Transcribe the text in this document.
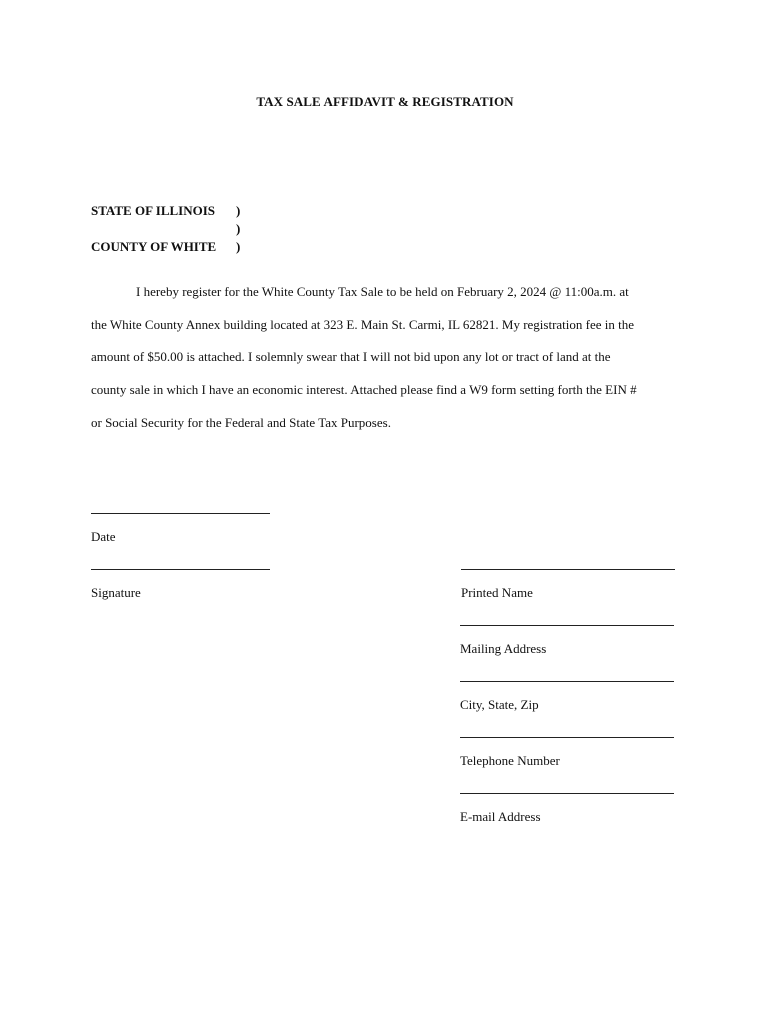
TAX SALE AFFIDAVIT & REGISTRATION
STATE OF ILLINOIS )
)
COUNTY OF WHITE )
I hereby register for the White County Tax Sale to be held on February 2, 2024 @ 11:00a.m. at
the White County Annex building located at 323 E. Main St. Carmi, IL 62821. My registration fee in the
amount of $50.00 is attached. I solemnly swear that I will not bid upon any lot or tract of land at the
county sale in which I have an economic interest. Attached please find a W9 form setting forth the EIN #
or Social Security for the Federal and State Tax Purposes.
Date
Signature	Printed Name
Mailing Address
City, State, Zip
Telephone Number
E-mail Address
